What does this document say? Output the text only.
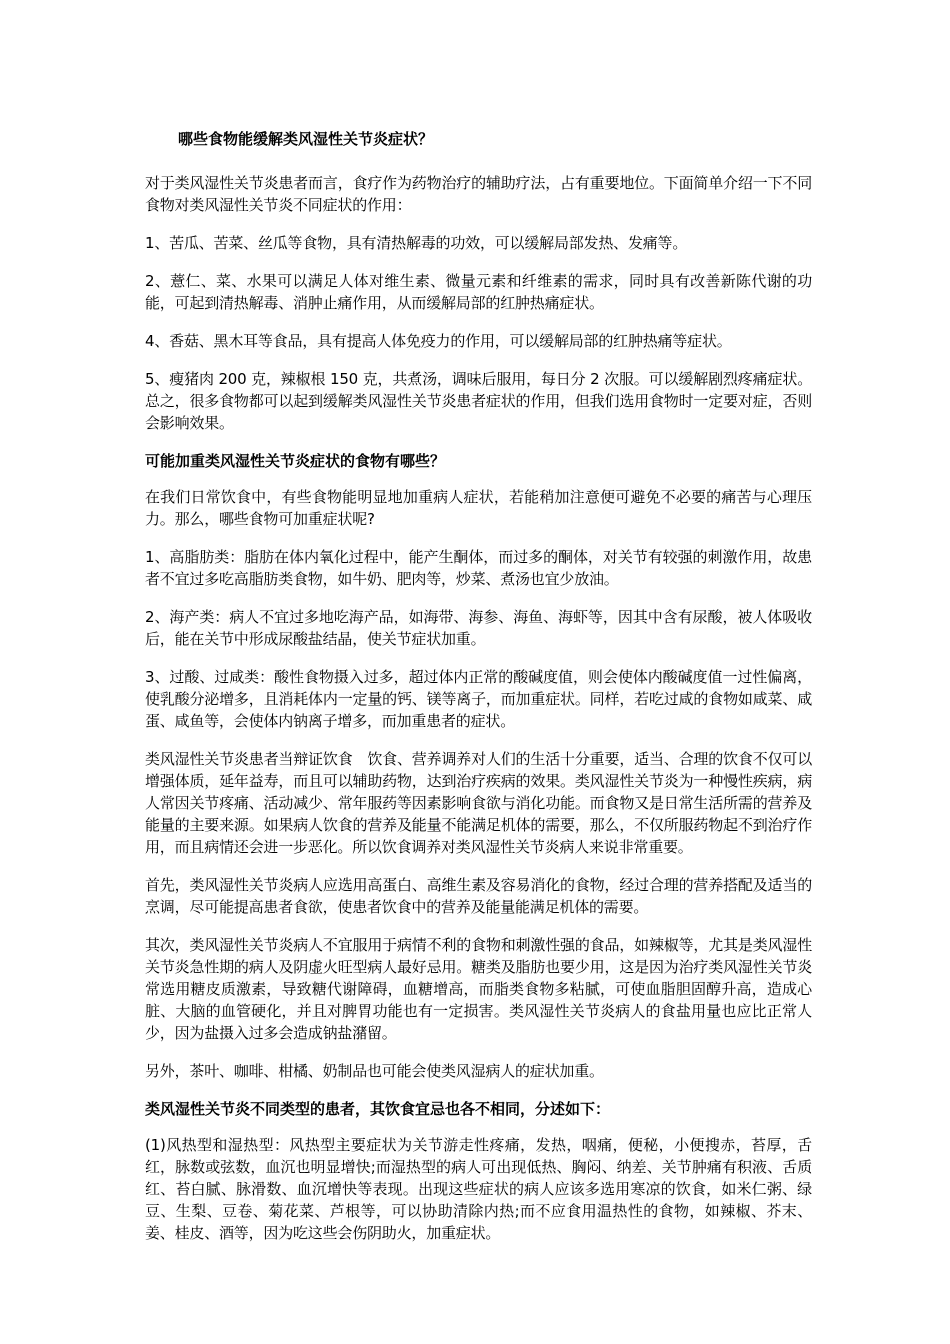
哪些食物能缓解类风湿性关节炎症状？

对于类风湿性关节炎患者而言，食疗作为药物治疗的辅助疗法，占有重要地位。下面简单介绍一下不同食物对类风湿性关节炎不同症状的作用：

1、苦瓜、苦菜、丝瓜等食物，具有清热解毒的功效，可以缓解局部发热、发痛等。

2、薏仁、菜、水果可以满足人体对维生素、微量元素和纤维素的需求，同时具有改善新陈代谢的功能，可起到清热解毒、消肿止痛作用，从而缓解局部的红肿热痛症状。

4、香菇、黑木耳等食品，具有提高人体免疫力的作用，可以缓解局部的红肿热痛等症状。

5、瘦猪肉 200 克，辣椒根 150 克，共煮汤，调味后服用，每日分 2 次服。可以缓解剧烈疼痛症状。总之，很多食物都可以起到缓解类风湿性关节炎患者症状的作用，但我们选用食物时一定要对症，否则会影响效果。

可能加重类风湿性关节炎症状的食物有哪些？

在我们日常饮食中，有些食物能明显地加重病人症状，若能稍加注意便可避免不必要的痛苦与心理压力。那么，哪些食物可加重症状呢?

1、高脂肪类：脂肪在体内氧化过程中，能产生酮体，而过多的酮体，对关节有较强的刺激作用，故患者不宜过多吃高脂肪类食物，如牛奶、肥肉等，炒菜、煮汤也宜少放油。

2、海产类：病人不宜过多地吃海产品，如海带、海参、海鱼、海虾等，因其中含有尿酸，被人体吸收后，能在关节中形成尿酸盐结晶，使关节症状加重。

3、过酸、过咸类：酸性食物摄入过多，超过体内正常的酸碱度值，则会使体内酸碱度值一过性偏离，使乳酸分泌增多，且消耗体内一定量的钙、镁等离子，而加重症状。同样，若吃过咸的食物如咸菜、咸蛋、咸鱼等，会使体内钠离子增多，而加重患者的症状。

类风湿性关节炎患者当辩证饮食　饮食、营养调养对人们的生活十分重要，适当、合理的饮食不仅可以增强体质，延年益寿，而且可以辅助药物，达到治疗疾病的效果。类风湿性关节炎为一种慢性疾病，病人常因关节疼痛、活动减少、常年服药等因素影响食欲与消化功能。而食物又是日常生活所需的营养及能量的主要来源。如果病人饮食的营养及能量不能满足机体的需要，那么，不仅所服药物起不到治疗作用，而且病情还会进一步恶化。所以饮食调养对类风湿性关节炎病人来说非常重要。

首先，类风湿性关节炎病人应选用高蛋白、高维生素及容易消化的食物，经过合理的营养搭配及适当的烹调，尽可能提高患者食欲，使患者饮食中的营养及能量能满足机体的需要。

其次，类风湿性关节炎病人不宜服用于病情不利的食物和刺激性强的食品，如辣椒等，尤其是类风湿性关节炎急性期的病人及阴虚火旺型病人最好忌用。糖类及脂肪也要少用，这是因为治疗类风湿性关节炎常选用糖皮质激素，导致糖代谢障碍，血糖增高，而脂类食物多粘腻，可使血脂胆固醇升高，造成心脏、大脑的血管硬化，并且对脾胃功能也有一定损害。类风湿性关节炎病人的食盐用量也应比正常人少，因为盐摄入过多会造成钠盐潴留。

另外，茶叶、咖啡、柑橘、奶制品也可能会使类风湿病人的症状加重。

类风湿性关节炎不同类型的患者，其饮食宜忌也各不相同，分述如下：

(1)风热型和湿热型：风热型主要症状为关节游走性疼痛，发热，咽痛，便秘，小便搜赤，苔厚，舌红，脉数或弦数，血沉也明显增快;而湿热型的病人可出现低热、胸闷、纳差、关节肿痛有积液、舌质红、苔白腻、脉滑数、血沉增快等表现。出现这些症状的病人应该多选用寒凉的饮食，如米仁粥、绿豆、生梨、豆卷、菊花菜、芦根等，可以协助清除内热;而不应食用温热性的食物，如辣椒、芥末、姜、桂皮、酒等，因为吃这些会伤阴助火，加重症状。
